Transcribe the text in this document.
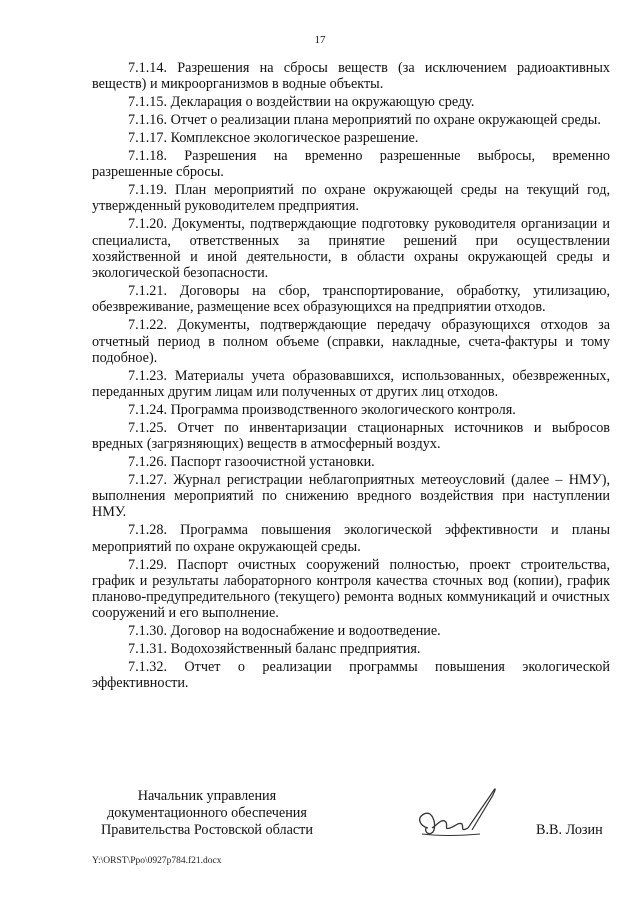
17

7.1.14. Разрешения на сбросы веществ (за исключением радиоактивных веществ) и микроорганизмов в водные объекты.

7.1.15. Декларация о воздействии на окружающую среду.

7.1.16. Отчет о реализации плана мероприятий по охране окружающей среды.

7.1.17. Комплексное экологическое разрешение.

7.1.18. Разрешения на временно разрешенные выбросы, временно разрешенные сбросы.

7.1.19. План мероприятий по охране окружающей среды на текущий год, утвержденный руководителем предприятия.

7.1.20. Документы, подтверждающие подготовку руководителя организации и специалиста, ответственных за принятие решений при осуществлении хозяйственной и иной деятельности, в области охраны окружающей среды и экологической безопасности.

7.1.21. Договоры на сбор, транспортирование, обработку, утилизацию, обезвреживание, размещение всех образующихся на предприятии отходов.

7.1.22. Документы, подтверждающие передачу образующихся отходов за отчетный период в полном объеме (справки, накладные, счета-фактуры и тому подобное).

7.1.23. Материалы учета образовавшихся, использованных, обезвреженных, переданных другим лицам или полученных от других лиц отходов.

7.1.24. Программа производственного экологического контроля.

7.1.25. Отчет по инвентаризации стационарных источников и выбросов вредных (загрязняющих) веществ в атмосферный воздух.

7.1.26. Паспорт газоочистной установки.

7.1.27. Журнал регистрации неблагоприятных метеоусловий (далее – НМУ), выполнения мероприятий по снижению вредного воздействия при наступлении НМУ.

7.1.28. Программа повышения экологической эффективности и планы мероприятий по охране окружающей среды.

7.1.29. Паспорт очистных сооружений полностью, проект строительства, график и результаты лабораторного контроля качества сточных вод (копии), график планово-предупредительного (текущего) ремонта водных коммуникаций и очистных сооружений и его выполнение.

7.1.30. Договор на водоснабжение и водоотведение.

7.1.31. Водохозяйственный баланс предприятия.

7.1.32. Отчет о реализации программы повышения экологической эффективности.

Начальник управления
документационного обеспечения
Правительства Ростовской области	В.В. Лозин
Y:\ORST\Ppo\0927p784.f21.docx
